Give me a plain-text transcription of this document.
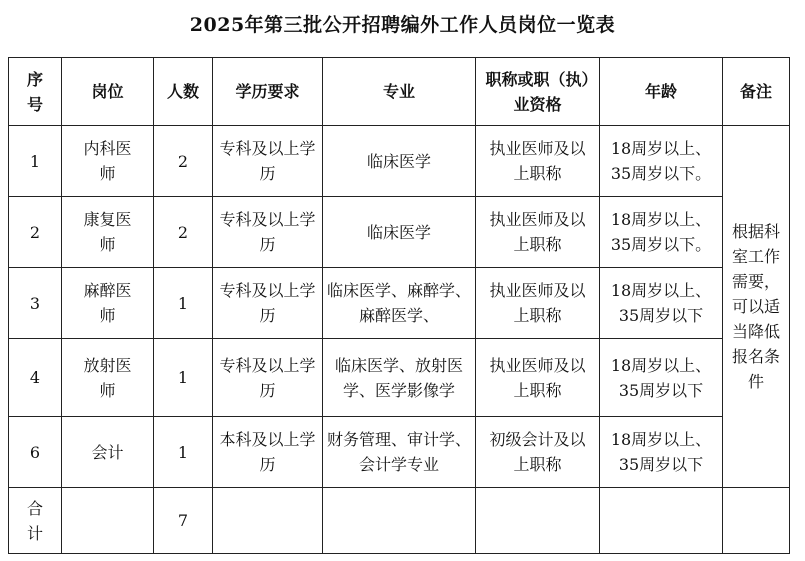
2025年第三批公开招聘编外工作人员岗位一览表
序号	岗位	人数	学历要求	专业	职称或职（执）业资格	年龄	备注
1	内科医师	2	专科及以上学历	临床医学	执业医师及以上职称	18周岁以上、35周岁以下。	根据科室工作需要，可以适当降低报名条件
2	康复医师	2	专科及以上学历	临床医学	执业医师及以上职称	18周岁以上、35周岁以下。	
3	麻醉医师	1	专科及以上学历	临床医学、麻醉学、麻醉医学、	执业医师及以上职称	18周岁以上、35周岁以下	
4	放射医师	1	专科及以上学历	临床医学、放射医学、医学影像学	执业医师及以上职称	18周岁以上、35周岁以下	
6	会计	1	本科及以上学历	财务管理、审计学、会计学专业	初级会计及以上职称	18周岁以上、35周岁以下	
合计		7					
